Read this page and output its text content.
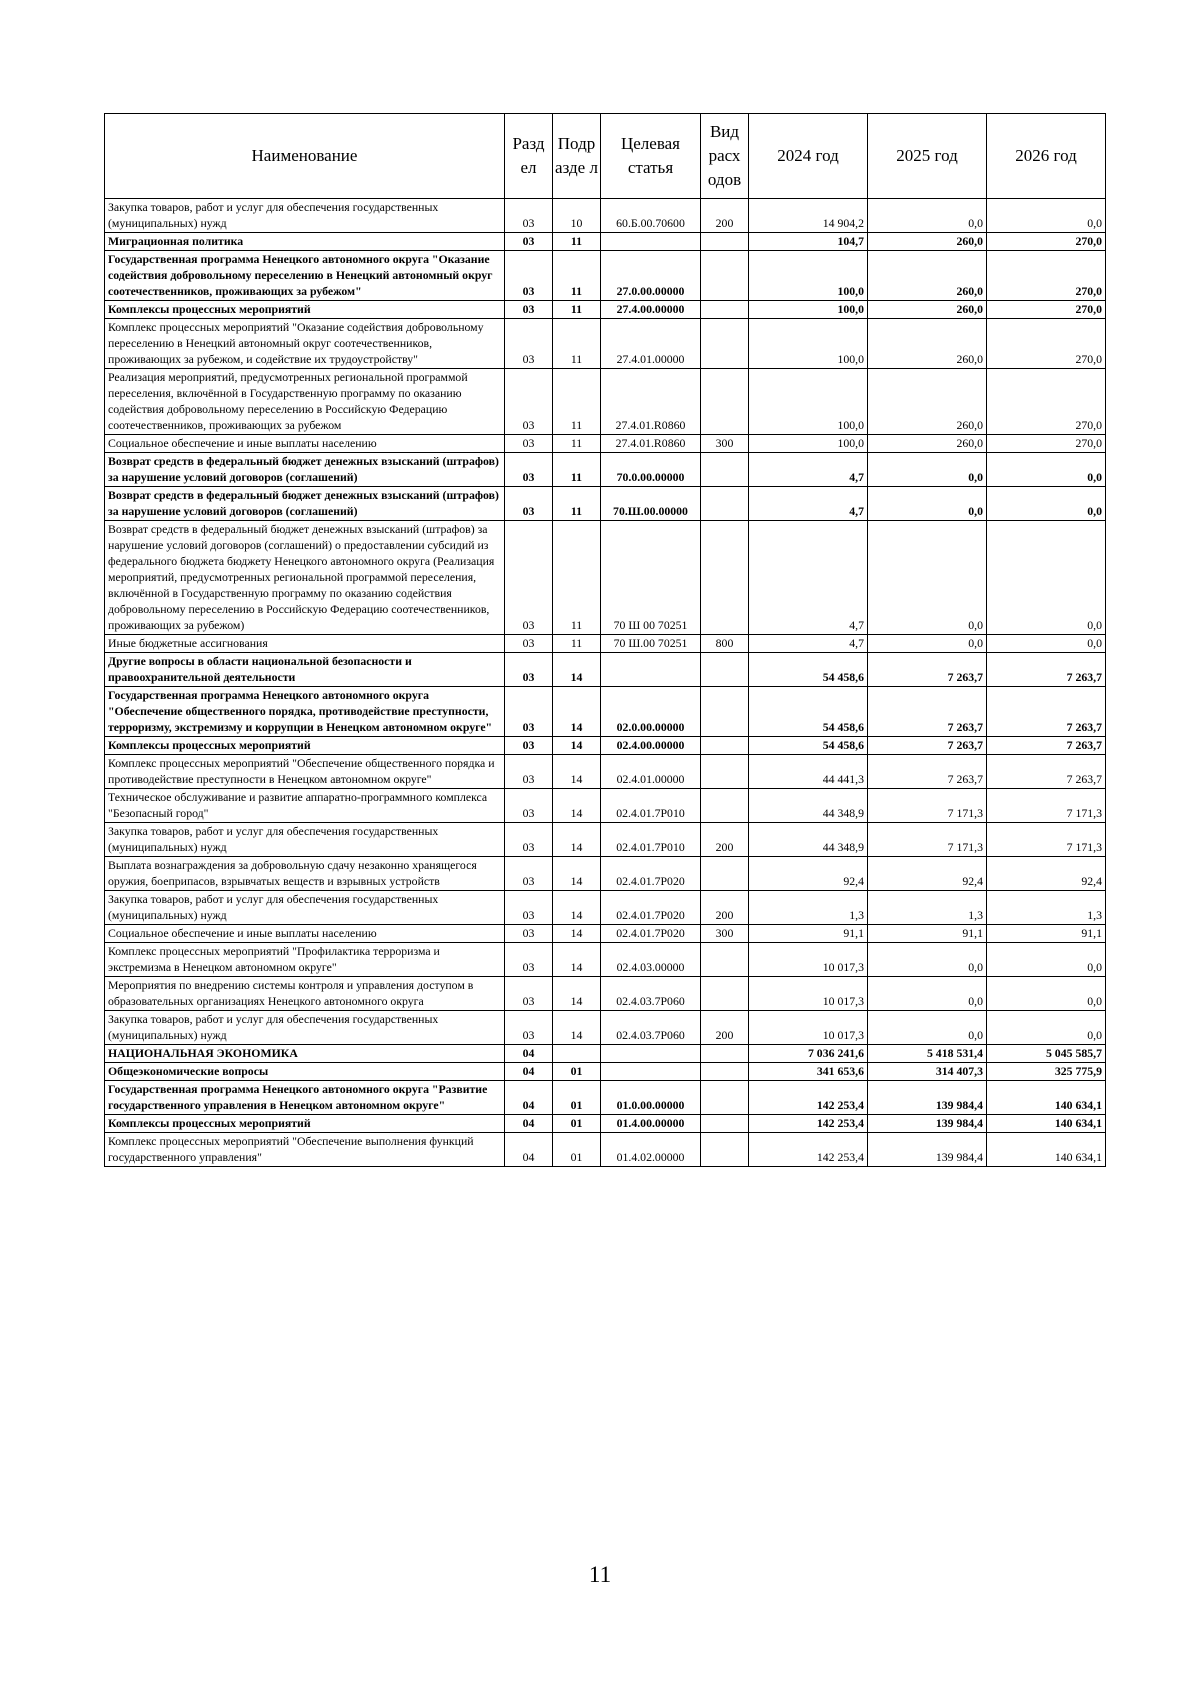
Наименование	Разд ел	Подр азде л	Целевая статья	Вид расх одов	2024 год	2025 год	2026 год
Закупка товаров, работ и услуг для обеспечения государственных (муниципальных) нужд	03	10	60.Б.00.70600	200	14 904,2	0,0	0,0
Миграционная политика	03	11			104,7	260,0	270,0
Государственная программа Ненецкого автономного округа "Оказание содействия добровольному переселению в Ненецкий автономный округ соотечественников, проживающих за рубежом"	03	11	27.0.00.00000		100,0	260,0	270,0
Комплексы процессных мероприятий	03	11	27.4.00.00000		100,0	260,0	270,0
Комплекс процессных мероприятий "Оказание содействия добровольному переселению в Ненецкий автономный округ соотечественников, проживающих за рубежом, и содействие их трудоустройству"	03	11	27.4.01.00000		100,0	260,0	270,0
Реализация мероприятий, предусмотренных региональной программой переселения, включённой в Государственную программу по оказанию содействия добровольному переселению в Российскую Федерацию соотечественников, проживающих за рубежом	03	11	27.4.01.R0860		100,0	260,0	270,0
Социальное обеспечение и иные выплаты населению	03	11	27.4.01.R0860	300	100,0	260,0	270,0
Возврат средств в федеральный бюджет денежных взысканий (штрафов) за нарушение условий договоров (соглашений)	03	11	70.0.00.00000		4,7	0,0	0,0
Возврат средств в федеральный бюджет денежных взысканий (штрафов) за нарушение условий договоров (соглашений)	03	11	70.Ш.00.00000		4,7	0,0	0,0
Возврат средств в федеральный бюджет денежных взысканий (штрафов) за нарушение условий договоров (соглашений) о предоставлении субсидий из федерального бюджета бюджету Ненецкого автономного округа (Реализация мероприятий, предусмотренных региональной программой переселения, включённой в Государственную программу по оказанию содействия добровольному переселению в Российскую Федерацию соотечественников, проживающих за рубежом)	03	11	70 Ш 00 70251		4,7	0,0	0,0
Иные бюджетные ассигнования	03	11	70 Ш.00 70251	800	4,7	0,0	0,0
Другие вопросы в области национальной безопасности и правоохранительной деятельности	03	14			54 458,6	7 263,7	7 263,7
Государственная программа Ненецкого автономного округа "Обеспечение общественного порядка, противодействие преступности, терроризму, экстремизму и коррупции в Ненецком автономном округе"	03	14	02.0.00.00000		54 458,6	7 263,7	7 263,7
Комплексы процессных мероприятий	03	14	02.4.00.00000		54 458,6	7 263,7	7 263,7
Комплекс процессных мероприятий "Обеспечение общественного порядка и противодействие преступности в Ненецком автономном округе"	03	14	02.4.01.00000		44 441,3	7 263,7	7 263,7
Техническое обслуживание и развитие аппаратно-программного комплекса "Безопасный город"	03	14	02.4.01.7Р010		44 348,9	7 171,3	7 171,3
Закупка товаров, работ и услуг для обеспечения государственных (муниципальных) нужд	03	14	02.4.01.7Р010	200	44 348,9	7 171,3	7 171,3
Выплата вознаграждения за добровольную сдачу незаконно хранящегося оружия, боеприпасов, взрывчатых веществ и взрывных устройств	03	14	02.4.01.7Р020		92,4	92,4	92,4
Закупка товаров, работ и услуг для обеспечения государственных (муниципальных) нужд	03	14	02.4.01.7Р020	200	1,3	1,3	1,3
Социальное обеспечение и иные выплаты населению	03	14	02.4.01.7Р020	300	91,1	91,1	91,1
Комплекс процессных мероприятий "Профилактика терроризма и экстремизма в Ненецком автономном округе"	03	14	02.4.03.00000		10 017,3	0,0	0,0
Мероприятия по внедрению системы контроля и управления доступом в образовательных организациях Ненецкого автономного округа	03	14	02.4.03.7Р060		10 017,3	0,0	0,0
Закупка товаров, работ и услуг для обеспечения государственных (муниципальных) нужд	03	14	02.4.03.7Р060	200	10 017,3	0,0	0,0
НАЦИОНАЛЬНАЯ ЭКОНОМИКА	04				7 036 241,6	5 418 531,4	5 045 585,7
Общеэкономические вопросы	04	01			341 653,6	314 407,3	325 775,9
Государственная программа Ненецкого автономного округа "Развитие государственного управления в Ненецком автономном округе"	04	01	01.0.00.00000		142 253,4	139 984,4	140 634,1
Комплексы процессных мероприятий	04	01	01.4.00.00000		142 253,4	139 984,4	140 634,1
Комплекс процессных мероприятий "Обеспечение выполнения функций государственного управления"	04	01	01.4.02.00000		142 253,4	139 984,4	140 634,1
11
